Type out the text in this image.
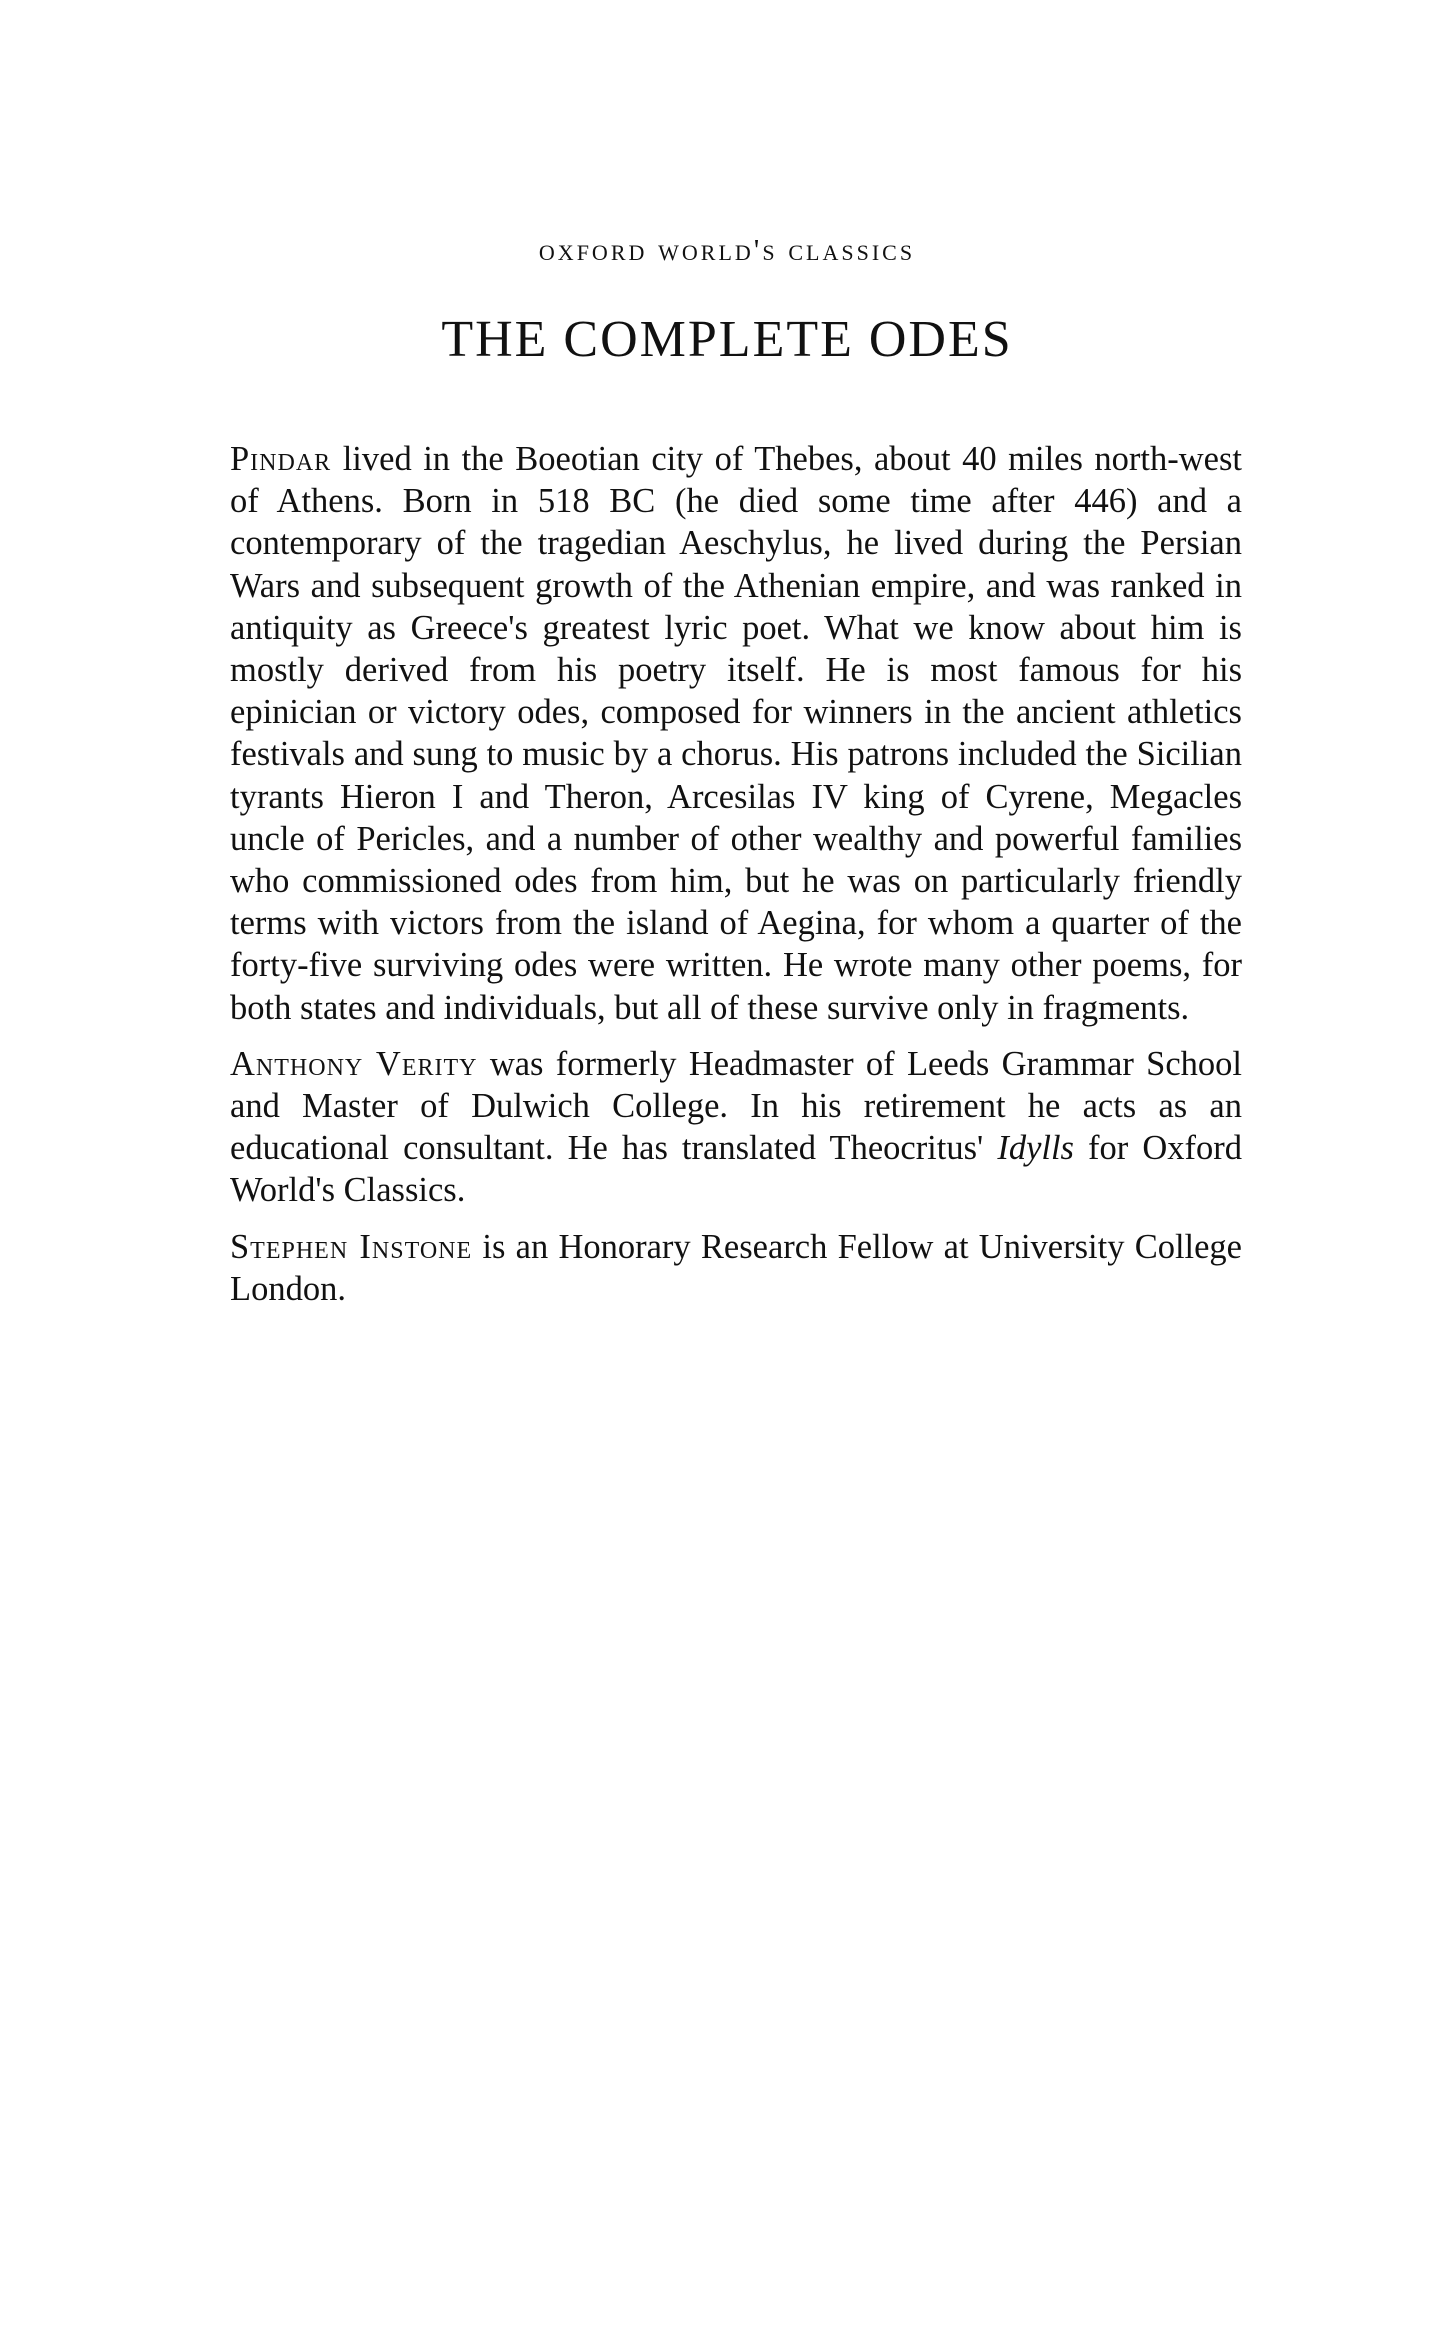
oxford world's classics
THE COMPLETE ODES

Pindar lived in the Boeotian city of Thebes, about 40 miles north-west of Athens. Born in 518 BC (he died some time after 446) and a contemporary of the tragedian Aeschylus, he lived during the Persian Wars and subsequent growth of the Athenian empire, and was ranked in antiquity as Greece's greatest lyric poet. What we know about him is mostly derived from his poetry itself. He is most famous for his epinician or victory odes, composed for winners in the ancient athletics festivals and sung to music by a chorus. His patrons included the Sicilian tyrants Hieron I and Theron, Arcesilas IV king of Cyrene, Megacles uncle of Pericles, and a number of other wealthy and powerful families who commissioned odes from him, but he was on particularly friendly terms with victors from the island of Aegina, for whom a quarter of the forty-five surviving odes were written. He wrote many other poems, for both states and individuals, but all of these survive only in fragments.

Anthony Verity was formerly Headmaster of Leeds Grammar School and Master of Dulwich College. In his retirement he acts as an educational consultant. He has translated Theocritus' Idylls for Oxford World's Classics.

Stephen Instone is an Honorary Research Fellow at University College London.
